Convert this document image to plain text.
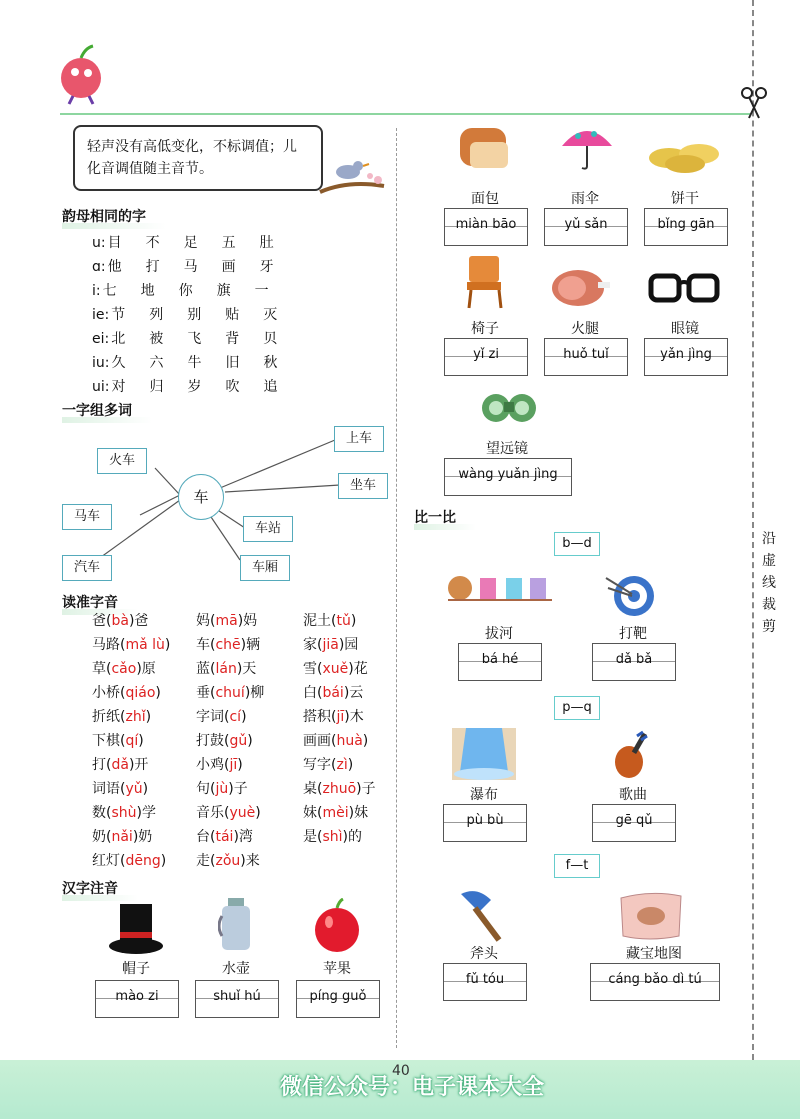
轻声没有高低变化，不标调值；儿化音调值随主音节。
韵母相同的字
u: 目 不 足 五 肚
ɑ: 他 打 马 画 牙
i: 七 地 你 旗 一
ie: 节 列 别 贴 灭
ei: 北 被 飞 背 贝
iu: 久 六 牛 旧 秋
ui: 对 归 岁 吹 追
一字组多词
车
火车
马车
汽车
上车
坐车
车站
车厢
读准字音
爸(bà)爸	妈(mā)妈	泥土(tǔ)
马路(mǎ lù) 车(chē)辆	家(jiā)园
草(cǎo)原	蓝(lán)天	雪(xuě)花
小桥(qiáo)	垂(chuí)柳	白(bái)云
折纸(zhǐ)	字词(cí)	搭积(jī)木
下棋(qí)	打鼓(gǔ)	画画(huà)
打(dǎ)开	小鸡(jī)	写字(zì)
词语(yǔ)	句(jù)子	桌(zhuō)子
数(shù)学	音乐(yuè)	妹(mèi)妹
奶(nǎi)奶	台(tái)湾	是(shì)的
红灯(dēng) 走(zǒu)来
汉字注音
比一比
帽子
mào zi
水壶
shuǐ hú
苹果
píng guǒ
面包
miàn bāo
雨伞
yǔ sǎn
饼干
bǐng gān
椅子
yǐ zi
火腿
huǒ tuǐ
眼镜
yǎn jìng
望远镜
wàng yuǎn jìng
b—d
拔河
bá hé
打靶
dǎ bǎ
p—q
瀑布
pù bù
歌曲
gē qǔ
f—t
斧头
fǔ tóu
藏宝地图
cáng bǎo dì tú
沿
虚
线
裁
剪
40
微信公众号：电子课本大全
